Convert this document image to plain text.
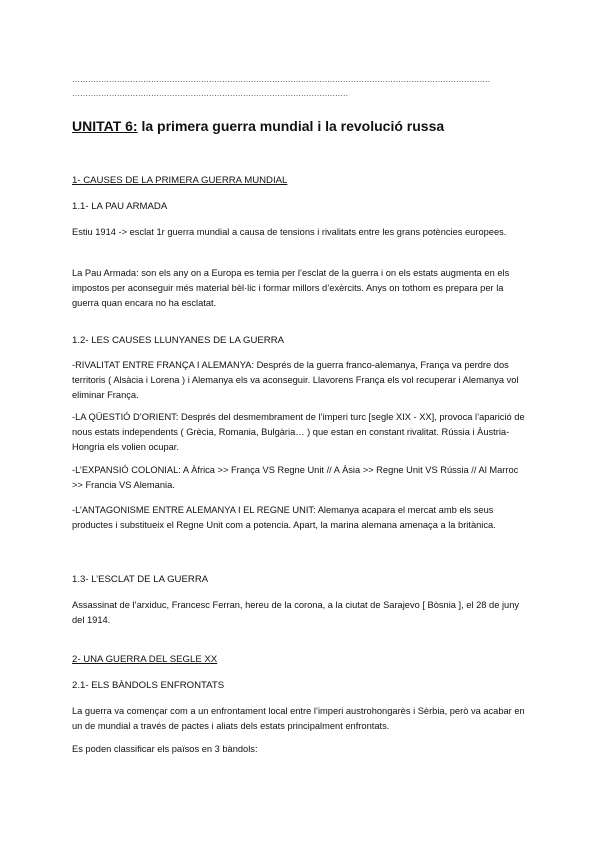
……………………………………………………………………………………………………………………………………………
……………………………………………………………………………………………
UNITAT 6: la primera guerra mundial i la revolució russa
1- CAUSES DE LA PRIMERA GUERRA MUNDIAL
1.1- LA PAU ARMADA
Estiu 1914 -> esclat 1r guerra mundial a causa de tensions i rivalitats entre les grans potències europees.
La Pau Armada: son els any on a Europa es temia per l’esclat de la guerra i on els estats augmenta en els impostos per aconseguir més material bèl·lic i formar millors d’exèrcits. Anys on tothom es prepara per la guerra quan encara no ha esclatat.
1.2- LES CAUSES LLUNYANES DE LA GUERRA
-RIVALITAT ENTRE FRANÇA I ALEMANYA: Després de la guerra franco-alemanya, França va perdre dos territoris ( Alsàcia i Lorena ) i Alemanya els va aconseguir. Llavorens França els vol recuperar i Alemanya vol eliminar França.
-LA QÜESTIÓ D’ORIENT: Després del desmembrament de l’imperi turc [segle XIX - XX], provoca l’aparició de nous estats independents ( Grècia, Romania, Bulgària… ) que estan en constant rivalitat. Rússia i Àustria-Hongria els volien ocupar.
-L’EXPANSIÓ COLONIAL: A Àfrica >> França VS Regne Unit // A Àsia >> Regne Unit VS Rússia // Al Marroc >> Francia VS Alemania.
-L’ANTAGONISME ENTRE ALEMANYA I EL REGNE UNIT: Alemanya acapara el mercat amb els seus productes i substitueix el Regne Unit com a potencia. Apart, la marina alemana amenaça a la britànica.
1.3- L’ESCLAT DE LA GUERRA
Assassinat de l’arxiduc, Francesc Ferran, hereu de la corona, a la ciutat de Sarajevo [ Bòsnia ], el 28 de juny del 1914.
2- UNA GUERRA DEL SEGLE XX
2.1- ELS BÀNDOLS ENFRONTATS
La guerra va començar com a un enfrontament local entre l’imperi austrohongarès i Sèrbia, però va acabar en un de mundial a través de pactes i aliats dels estats principalment enfrontats.
Es poden classificar els països en 3 bàndols:
